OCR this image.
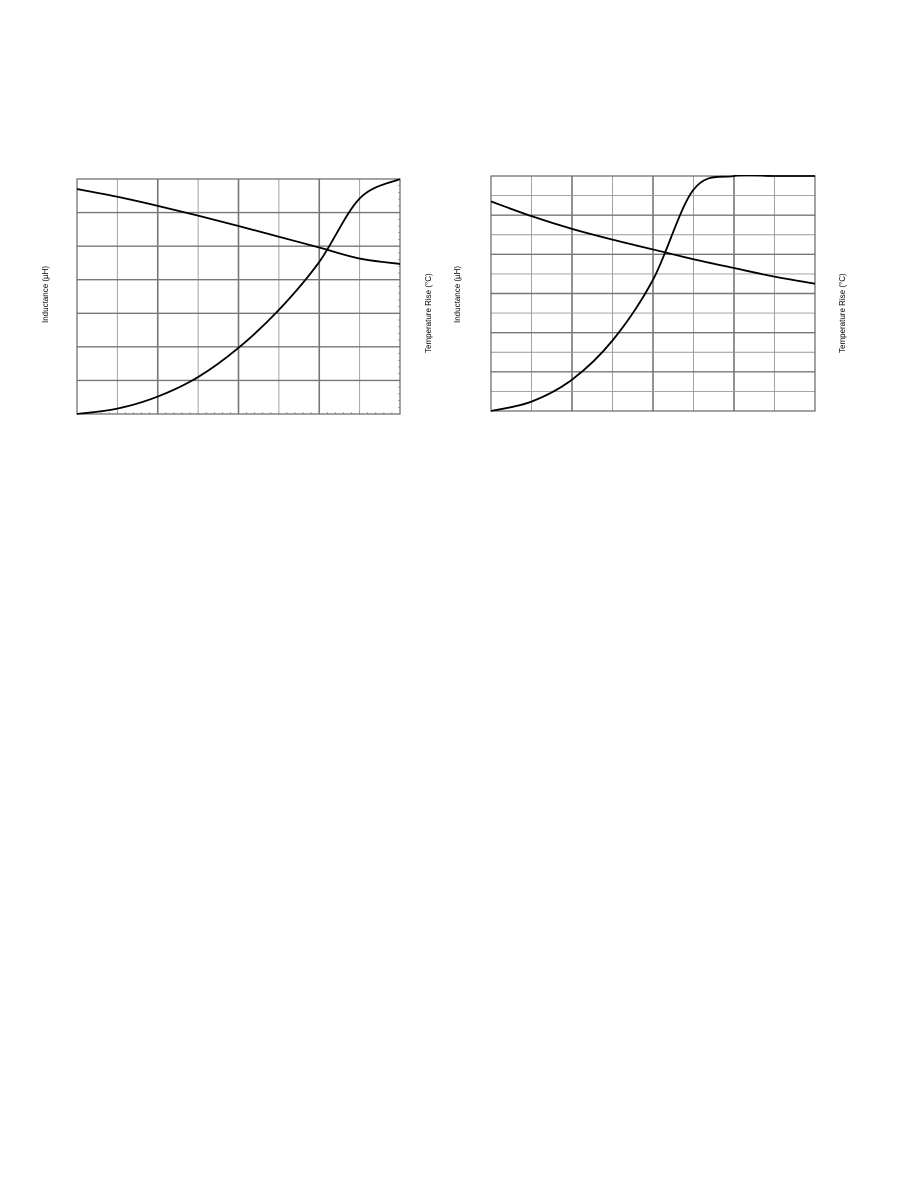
Inductance (µH)	Temperature Rise (°C)	Inductance (µH)	Temperature Rise (°C)
